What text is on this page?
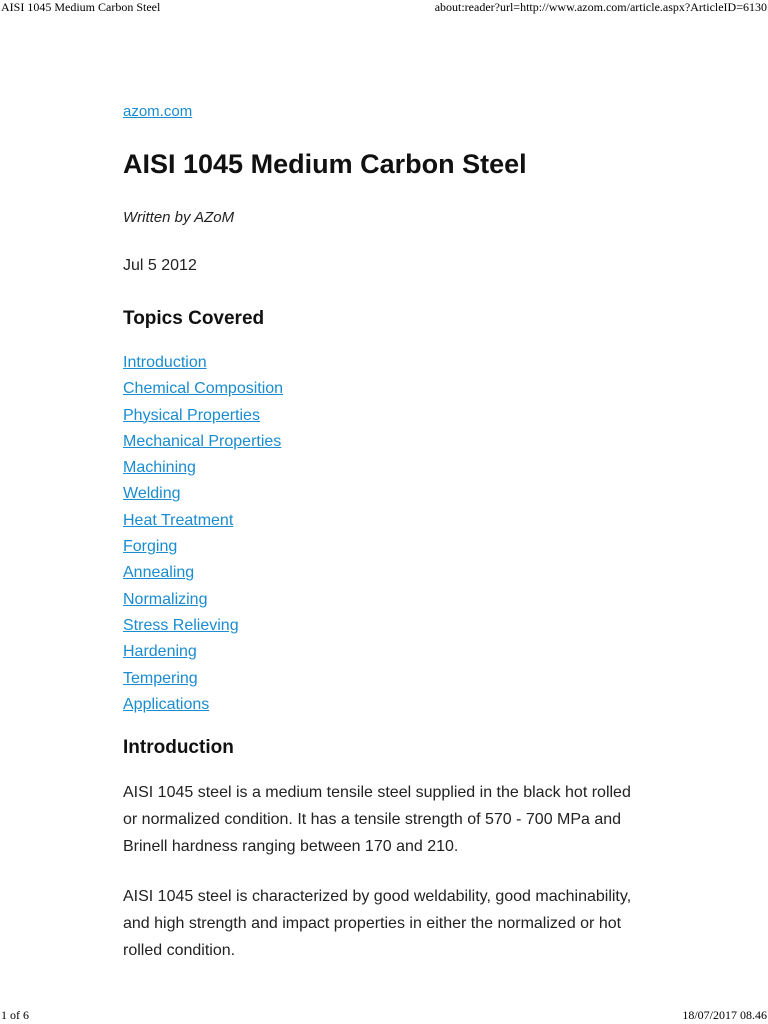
AISI 1045 Medium Carbon Steel	about:reader?url=http://www.azom.com/article.aspx?ArticleID=6130
azom.com
AISI 1045 Medium Carbon Steel
Written by AZoM
Jul 5 2012
Topics Covered
Introduction
Chemical Composition
Physical Properties
Mechanical Properties
Machining
Welding
Heat Treatment
Forging
Annealing
Normalizing
Stress Relieving
Hardening
Tempering
Applications
Introduction

AISI 1045 steel is a medium tensile steel supplied in the black hot rolled or normalized condition. It has a tensile strength of 570 - 700 MPa and Brinell hardness ranging between 170 and 210.

AISI 1045 steel is characterized by good weldability, good machinability, and high strength and impact properties in either the normalized or hot rolled condition.

1 of 6	18/07/2017 08.46
